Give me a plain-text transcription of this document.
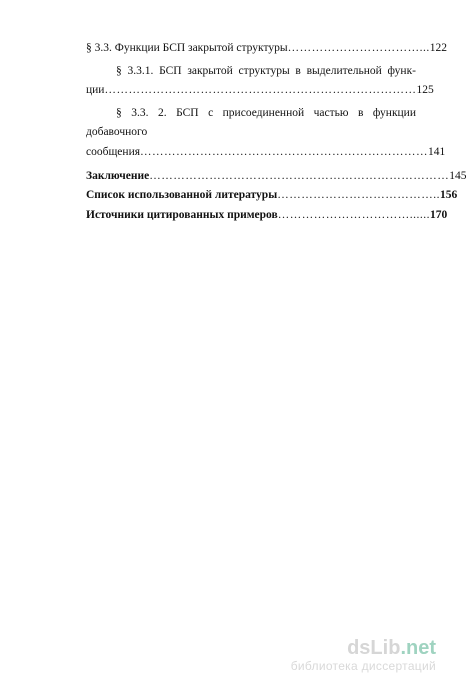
§ 3.3. Функции БСП закрытой структуры ……………………………... 122

§ 3.3.1. БСП закрытой структуры в выделительной функ-

ции …………………………………………………………………… 125

§ 3.3. 2. БСП с присоединенной частью в функции добавочного

сообщения ……………………………………………………………… 141

Заключение ………………………………………………………………… 145

Список использованной литературы ………………………………….. 156

Источники цитированных примеров ……………………………...... 170

dsLib.net
библиотека диссертаций
